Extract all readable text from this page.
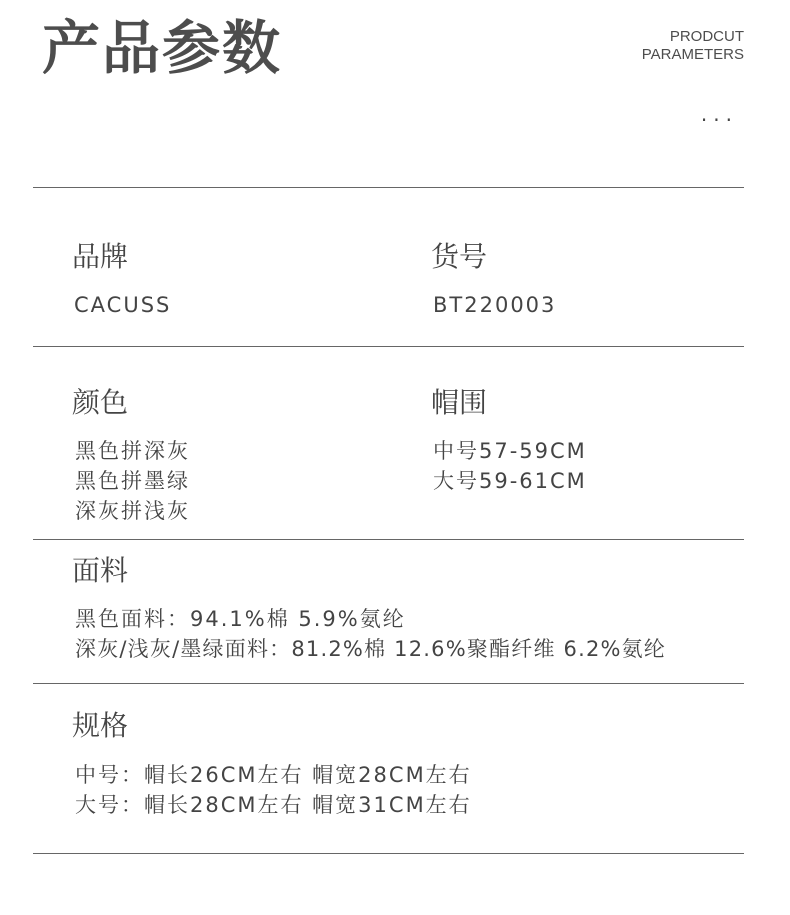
产品参数	PRODCUT
PARAMETERS
...
品牌
CACUSS
货号
BT220003
颜色
黑色拼深灰
黑色拼墨绿
深灰拼浅灰
帽围
中号57-59CM
大号59-61CM
面料
黑色面料：94.1%棉 5.9%氨纶
深灰/浅灰/墨绿面料：81.2%棉 12.6%聚酯纤维 6.2%氨纶
规格
中号：帽长26CM左右 帽宽28CM左右
大号：帽长28CM左右 帽宽31CM左右
